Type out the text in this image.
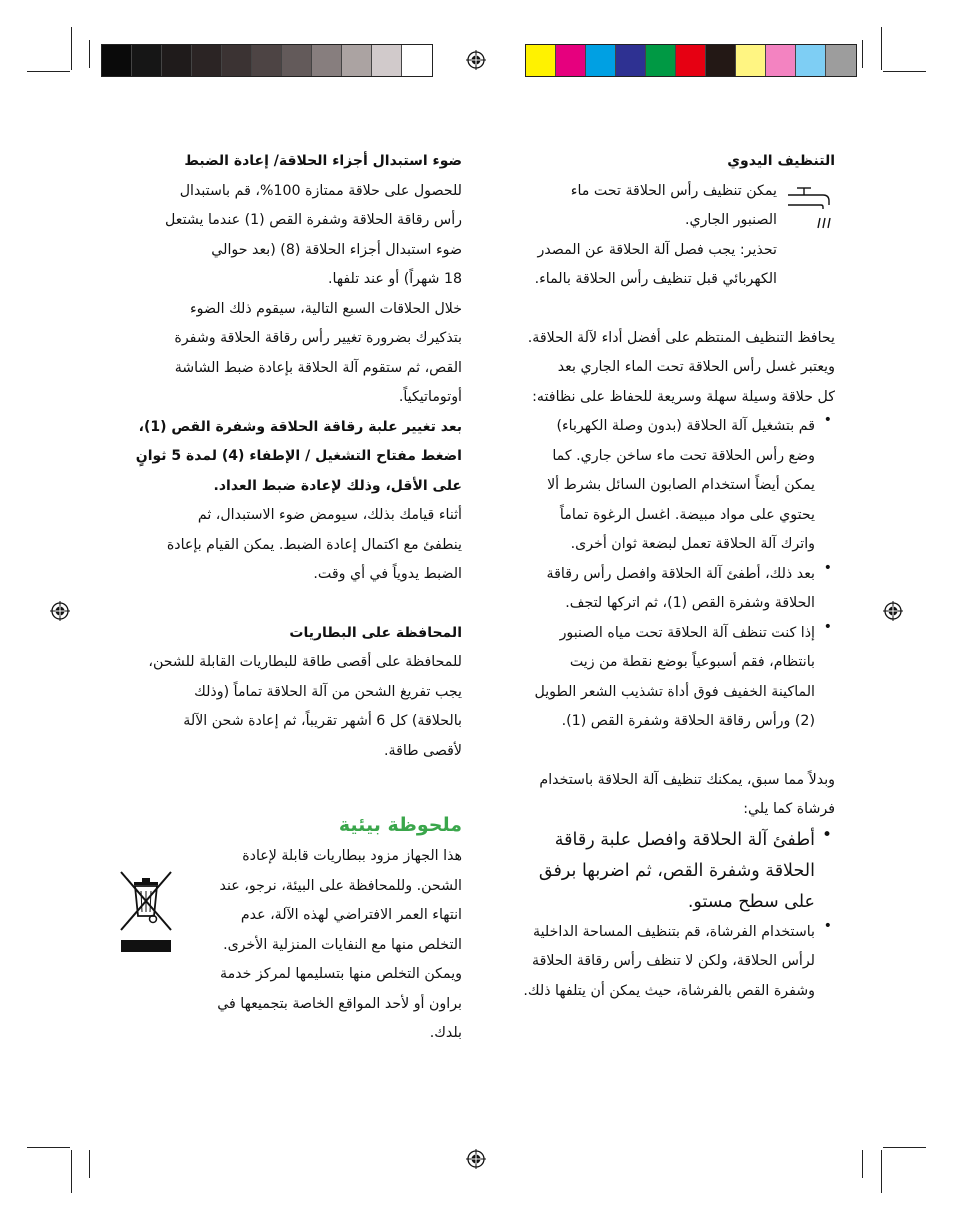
التنظيف اليدوي

يمكن تنظيف رأس الحلاقة تحت ماء

الصنبور الجاري.

تحذير: يجب فصل آلة الحلاقة عن المصدر

الكهربائي قبل تنظيف رأس الحلاقة بالماء.

يحافظ التنظيف المنتظم على أفضل أداء لآلة الحلاقة.

ويعتبر غسل رأس الحلاقة تحت الماء الجاري بعد

كل حلاقة وسيلة سهلة وسريعة للحفاظ على نظافته:

•

قم بتشغيل آلة الحلاقة (بدون وصلة الكهرباء)

وضع رأس الحلاقة تحت ماء ساخن جاري. كما

يمكن أيضاً استخدام الصابون السائل بشرط ألا

يحتوي على مواد مبيضة. اغسل الرغوة تماماً

واترك آلة الحلاقة تعمل لبضعة ثوان أخرى.

•

بعد ذلك، أطفئ آلة الحلاقة وافصل رأس رقاقة

الحلاقة وشفرة القص (1)، ثم اتركها لتجف.

•

إذا كنت تنظف آلة الحلاقة تحت مياه الصنبور

بانتظام، فقم أسبوعياً بوضع نقطة من زيت

الماكينة الخفيف فوق أداة تشذيب الشعر الطويل

(2) ورأس رقاقة الحلاقة وشفرة القص (1).

وبدلاً مما سبق، يمكنك تنظيف آلة الحلاقة باستخدام

فرشاة كما يلي:

•

أطفئ آلة الحلاقة وافصل علبة رقاقة

الحلاقة وشفرة القص، ثم اضربها برفق

على سطح مستو.

•

باستخدام الفرشاة، قم بتنظيف المساحة الداخلية

لرأس الحلاقة، ولكن لا تنظف رأس رقاقة الحلاقة

وشفرة القص بالفرشاة، حيث يمكن أن يتلفها ذلك.

ضوء استبدال أجزاء الحلاقة/ إعادة الضبط

للحصول على حلاقة ممتازة 100%، قم باستبدال

رأس رقاقة الحلاقة وشفرة القص (1) عندما يشتعل

ضوء استبدال أجزاء الحلاقة (8) (بعد حوالي

18 شهراً) أو عند تلفها.

خلال الحلاقات السبع التالية، سيقوم ذلك الضوء

بتذكيرك بضرورة تغيير رأس رقاقة الحلاقة وشفرة

القص، ثم ستقوم آلة الحلاقة بإعادة ضبط الشاشة

أوتوماتيكياً.

بعد تغيير علبة رقاقة الحلاقة وشفرة القص (1)،

اضغط مفتاح التشغيل / الإطفاء (4) لمدة 5 ثوانٍ

على الأقل، وذلك لإعادة ضبط العداد.

أثناء قيامك بذلك، سيومض ضوء الاستبدال، ثم

ينطفئ مع اكتمال إعادة الضبط. يمكن القيام بإعادة

الضبط يدوياً في أي وقت.

المحافظة على البطاريات

للمحافظة على أقصى طاقة للبطاريات القابلة للشحن،

يجب تفريغ الشحن من آلة الحلاقة تماماً (وذلك

بالحلاقة) كل 6 أشهر تقريباً، ثم إعادة شحن الآلة

لأقصى طاقة.

ملحوظة بيئية

هذا الجهاز مزود ببطاريات قابلة لإعادة

الشحن. وللمحافظة على البيئة، نرجو، عند

انتهاء العمر الافتراضي لهذه الآلة، عدم

التخلص منها مع النفايات المنزلية الأخرى.

ويمكن التخلص منها بتسليمها لمركز خدمة

براون أو لأحد المواقع الخاصة بتجميعها في

بلدك.
